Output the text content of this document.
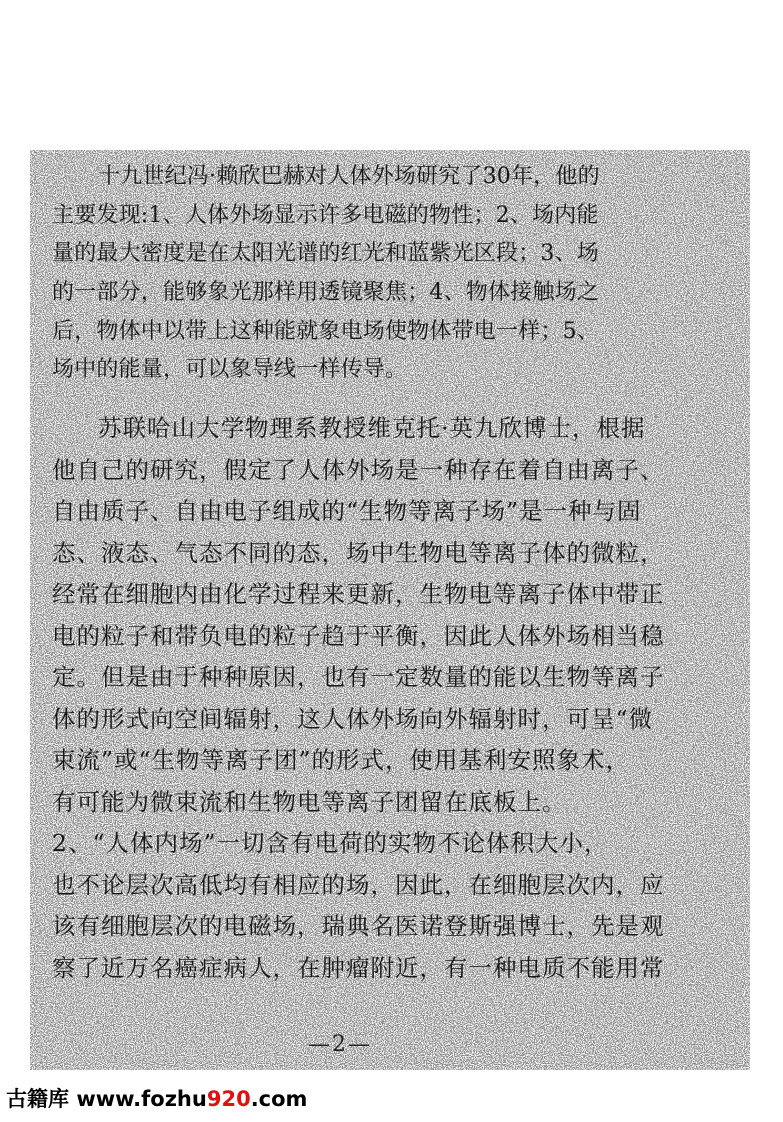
十九世纪冯·赖欣巴赫对人体外场研究了30年，他的
主要发现:1、人体外场显示许多电磁的物性；2、场内能
量的最大密度是在太阳光谱的红光和蓝紫光区段；3、场
的一部分，能够象光那样用透镜聚焦；4、物体接触场之
后，物体中以带上这种能就象电场使物体带电一样；5、
场中的能量，可以象导线一样传导。
苏联哈山大学物理系教授维克托·英九欣博士，根据
他自己的研究，假定了人体外场是一种存在着自由离子、
自由质子、自由电子组成的“生物等离子场”是一种与固
态、液态、气态不同的态，场中生物电等离子体的微粒，
经常在细胞内由化学过程来更新，生物电等离子体中带正
电的粒子和带负电的粒子趋于平衡，因此人体外场相当稳
定。但是由于种种原因，也有一定数量的能以生物等离子
体的形式向空间辐射，这人体外场向外辐射时，可呈“微
束流”或“生物等离子团”的形式，使用基利安照象术，
有可能为微束流和生物电等离子团留在底板上。
2、“人体内场”一切含有电荷的实物不论体积大小，
也不论层次高低均有相应的场，因此，在细胞层次内，应
该有细胞层次的电磁场，瑞典名医诺登斯强博士，先是观
察了近万名癌症病人，在肿瘤附近，有一种电质不能用常
—2—
古籍库 www.fozhu920.com
